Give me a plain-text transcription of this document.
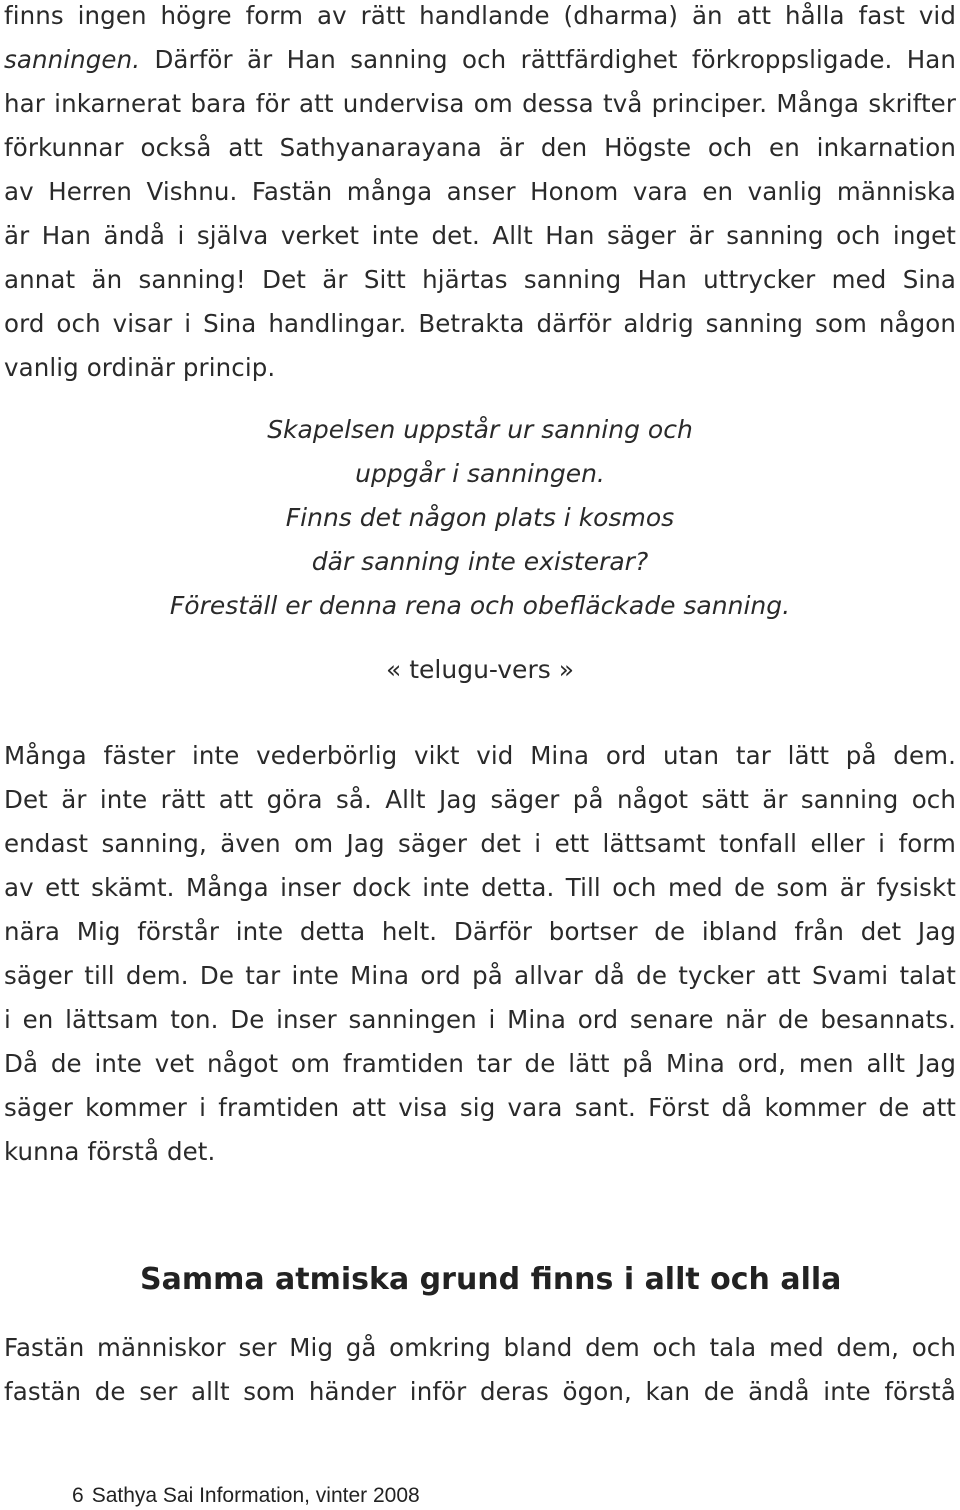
finns ingen högre form av rätt handlande (dharma) än att hålla fast vid
sanningen. Därför är Han sanning och rättfärdighet förkroppsligade. Han
har inkarnerat bara för att undervisa om dessa två principer. Många skrifter
förkunnar också att Sathyanarayana är den Högste och en inkarnation
av Herren Vishnu. Fastän många anser Honom vara en vanlig människa
är Han ändå i själva verket inte det. Allt Han säger är sanning och inget
annat än sanning! Det är Sitt hjärtas sanning Han uttrycker med Sina
ord och visar i Sina handlingar. Betrakta därför aldrig sanning som någon
vanlig ordinär princip.

Skapelsen uppstår ur sanning och
uppgår i sanningen.
Finns det någon plats i kosmos
där sanning inte existerar?
Föreställ er denna rena och obefläckade sanning.
« telugu-vers »

Många fäster inte vederbörlig vikt vid Mina ord utan tar lätt på dem.
Det är inte rätt att göra så. Allt Jag säger på något sätt är sanning och
endast sanning, även om Jag säger det i ett lättsamt tonfall eller i form
av ett skämt. Många inser dock inte detta. Till och med de som är fysiskt
nära Mig förstår inte detta helt. Därför bortser de ibland från det Jag
säger till dem. De tar inte Mina ord på allvar då de tycker att Svami talat
i en lättsam ton. De inser sanningen i Mina ord senare när de besannats.
Då de inte vet något om framtiden tar de lätt på Mina ord, men allt Jag
säger kommer i framtiden att visa sig vara sant. Först då kommer de att
kunna förstå det.

Samma atmiska grund finns i allt och alla

Fastän människor ser Mig gå omkring bland dem och tala med dem, och
fastän de ser allt som händer inför deras ögon, kan de ändå inte förstå

6 Sathya Sai Information, vinter 2008
